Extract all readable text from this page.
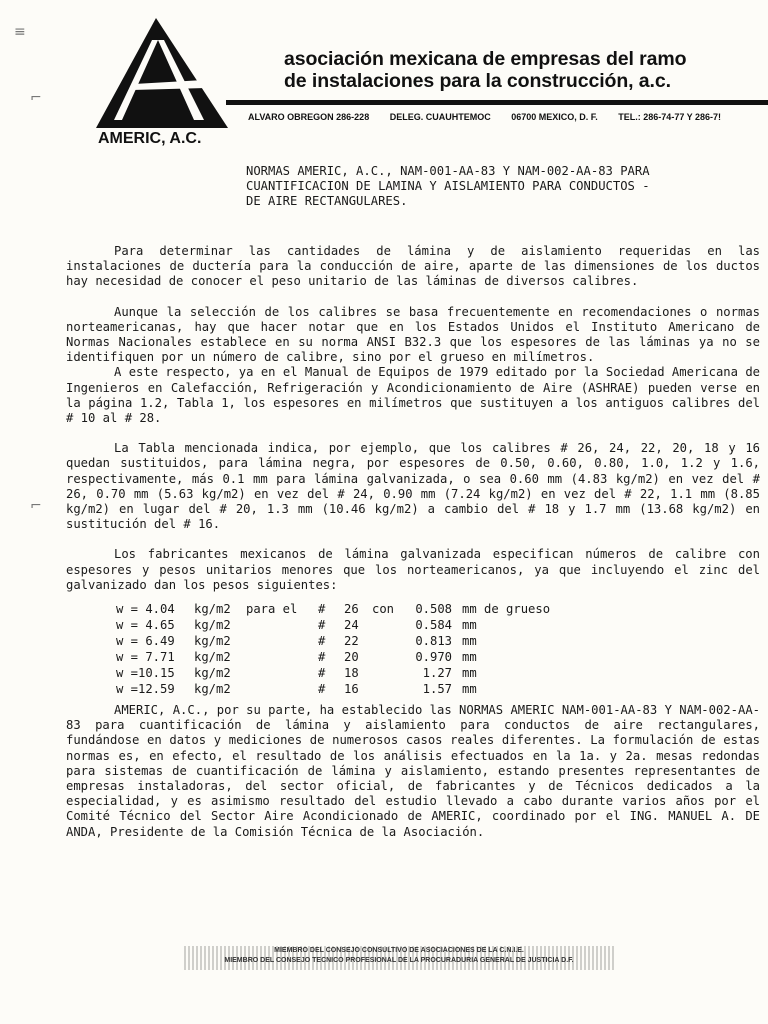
asociación mexicana de empresas del ramo
de instalaciones para la construcción, a.c.
ALVARO OBREGON 286-228 DELEG. CUAUHTEMOC 06700 MEXICO, D. F. TEL.: 286-74-77 Y 286-7!
AMERIC, A.C.
≡
⌐
⌐
NORMAS AMERIC, A.C., NAM-001-AA-83 Y NAM-002-AA-83 PARA
CUANTIFICACION DE LAMINA Y AISLAMIENTO PARA CONDUCTOS -
DE AIRE RECTANGULARES.
Para determinar las cantidades de lámina y de aislamiento requeridas en las instalaciones de ductería para la conducción de aire, aparte de las dimensiones de los ductos hay necesidad de conocer el peso unitario de las láminas de diversos calibres.
Aunque la selección de los calibres se basa frecuentemente en recomendaciones o normas norteamericanas, hay que hacer notar que en los Estados Unidos el Instituto Americano de Normas Nacionales establece en su norma ANSI B32.3 que los espesores de las láminas ya no se identifiquen por un número de calibre, sino por el grueso en milímetros.
A este respecto, ya en el Manual de Equipos de 1979 editado por la Sociedad Americana de Ingenieros en Calefacción, Refrigeración y Acondicionamiento de Aire (ASHRAE) pueden verse en la página 1.2, Tabla 1, los espesores en milímetros que sustituyen a los antiguos calibres del # 10 al # 28.
La Tabla mencionada indica, por ejemplo, que los calibres # 26, 24, 22, 20, 18 y 16 quedan sustituidos, para lámina negra, por espesores de 0.50, 0.60, 0.80, 1.0, 1.2 y 1.6, respectivamente, más 0.1 mm para lámina galvanizada, o sea 0.60 mm (4.83 kg/m2) en vez del # 26, 0.70 mm (5.63 kg/m2) en vez del # 24, 0.90 mm (7.24 kg/m2) en vez del # 22, 1.1 mm (8.85 kg/m2) en lugar del # 20, 1.3 mm (10.46 kg/m2) a cambio del # 18 y 1.7 mm (13.68 kg/m2) en sustitución del # 16.
Los fabricantes mexicanos de lámina galvanizada especifican números de calibre con espesores y pesos unitarios menores que los norteamericanos, ya que incluyendo el zinc del galvanizado dan los pesos siguientes:
w = 4.04	kg/m2	para el	#	26	con	0.508 mm de grueso
w = 4.65	kg/m2	#	24	0.584 mm
w = 6.49	kg/m2	#	22	0.813 mm
w = 7.71	kg/m2	#	20	0.970 mm
w =10.15	kg/m2	#	18	1.27 mm
w =12.59	kg/m2	#	16	1.57 mm
AMERIC, A.C., por su parte, ha establecido las NORMAS AMERIC NAM-001-AA-83 Y NAM-002-AA-83 para cuantificación de lámina y aislamiento para conductos de aire rectangulares, fundándose en datos y mediciones de numerosos casos reales diferentes. La formulación de estas normas es, en efecto, el resultado de los análisis efectuados en la 1a. y 2a. mesas redondas para sistemas de cuantificación de lámina y aislamiento, estando presentes representantes de empresas instaladoras, del sector oficial, de fabricantes y de Técnicos dedicados a la especialidad, y es asimismo resultado del estudio llevado a cabo durante varios años por el Comité Técnico del Sector Aire Acondicionado de AMERIC, coordinado por el ING. MANUEL A. DE ANDA, Presidente de la Comisión Técnica de la Asociación.
MIEMBRO DEL CONSEJO CONSULTIVO DE ASOCIACIONES DE LA C.N.I.E.
MIEMBRO DEL CONSEJO TECNICO PROFESIONAL DE LA PROCURADURIA GENERAL DE JUSTICIA D.F.
